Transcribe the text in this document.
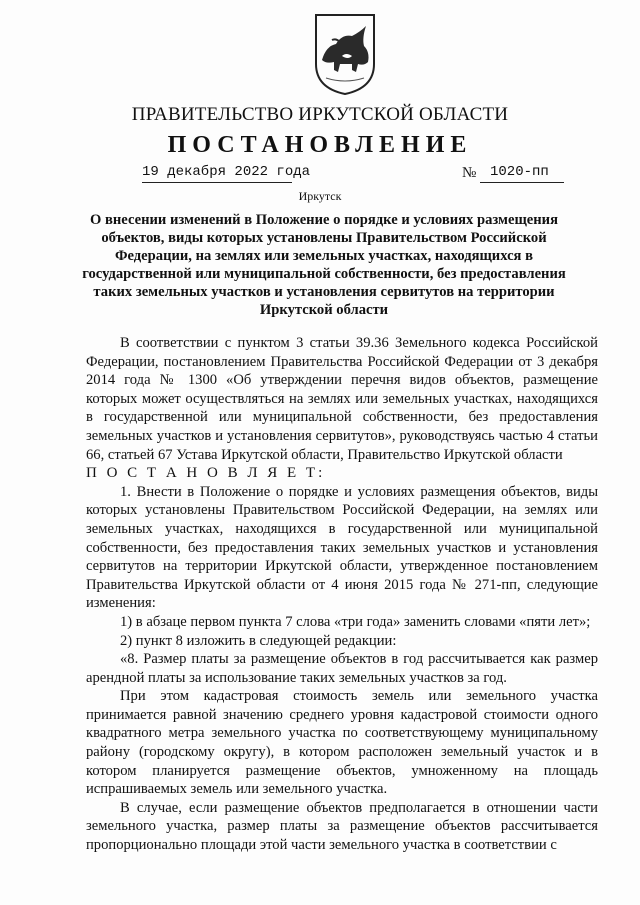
ПРАВИТЕЛЬСТВО ИРКУТСКОЙ ОБЛАСТИ
ПОСТАНОВЛЕНИЕ
19 декабря 2022 года	№ 1020-пп
Иркутск
О внесении изменений в Положение о порядке и условиях размещения объектов, виды которых установлены Правительством Российской Федерации, на землях или земельных участках, находящихся в государственной или муниципальной собственности, без предоставления таких земельных участков и установления сервитутов на территории Иркутской области

В соответствии с пунктом 3 статьи 39.36 Земельного кодекса Российской Федерации, постановлением Правительства Российской Федерации от 3 декабря 2014 года № 1300 «Об утверждении перечня видов объектов, размещение которых может осуществляться на землях или земельных участках, находящихся в государственной или муниципальной собственности, без предоставления земельных участков и установления сервитутов», руководствуясь частью 4 статьи 66, статьей 67 Устава Иркутской области, Правительство Иркутской области

П О С Т А Н О В Л Я Е Т:

1. Внести в Положение о порядке и условиях размещения объектов, виды которых установлены Правительством Российской Федерации, на землях или земельных участках, находящихся в государственной или муниципальной собственности, без предоставления таких земельных участков и установления сервитутов на территории Иркутской области, утвержденное постановлением Правительства Иркутской области от 4 июня 2015 года № 271-пп, следующие изменения:

1) в абзаце первом пункта 7 слова «три года» заменить словами «пяти лет»;

2) пункт 8 изложить в следующей редакции:

«8. Размер платы за размещение объектов в год рассчитывается как размер арендной платы за использование таких земельных участков за год.

При этом кадастровая стоимость земель или земельного участка принимается равной значению среднего уровня кадастровой стоимости одного квадратного метра земельного участка по соответствующему муниципальному району (городскому округу), в котором расположен земельный участок и в котором планируется размещение объектов, умноженному на площадь испрашиваемых земель или земельного участка.

В случае, если размещение объектов предполагается в отношении части земельного участка, размер платы за размещение объектов рассчитывается пропорционально площади этой части земельного участка в соответствии с
